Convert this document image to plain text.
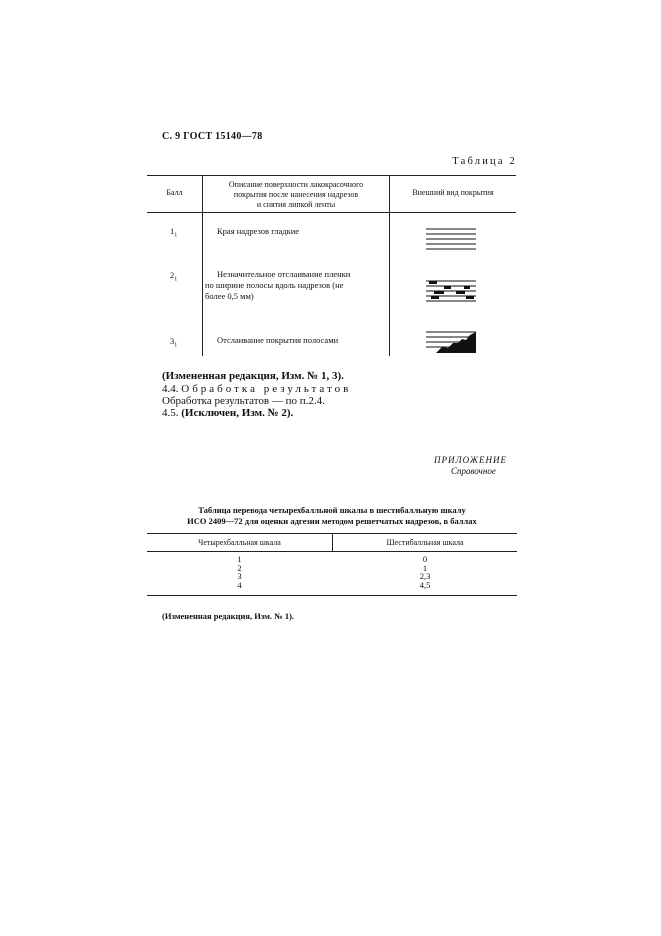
С. 9 ГОСТ 15140—78
Таблица 2
Балл
Описание поверхности лакокрасочного
покрытия после нанесения надрезов
и снятия липкой ленты
Внешний вид покрытия
$1_1$	Края надрезов гладкие
$2_1$
Незначительное отслаивание пленки
по ширине полосы вдоль надрезов (не
более 0,5 мм)
$3_1$
Отслаивание покрытия полосами
(Измененная редакция, Изм. № 1, 3).
4.4. Обработка результатов
Обработка результатов — по п.2.4.
4.5. (Исключен, Изм. № 2).
ПРИЛОЖЕНИЕ
Справочное
Таблица перевода четырехбалльной шкалы в шестибалльную шкалу
ИСО 2409—72 для оценки адгезии методом решетчатых надрезов, в баллах
Четырехбалльная шкала	Шестибалльная шкала
1
2
3
4
0
1
2,3
4,5
(Измененная редакция, Изм. № 1).
